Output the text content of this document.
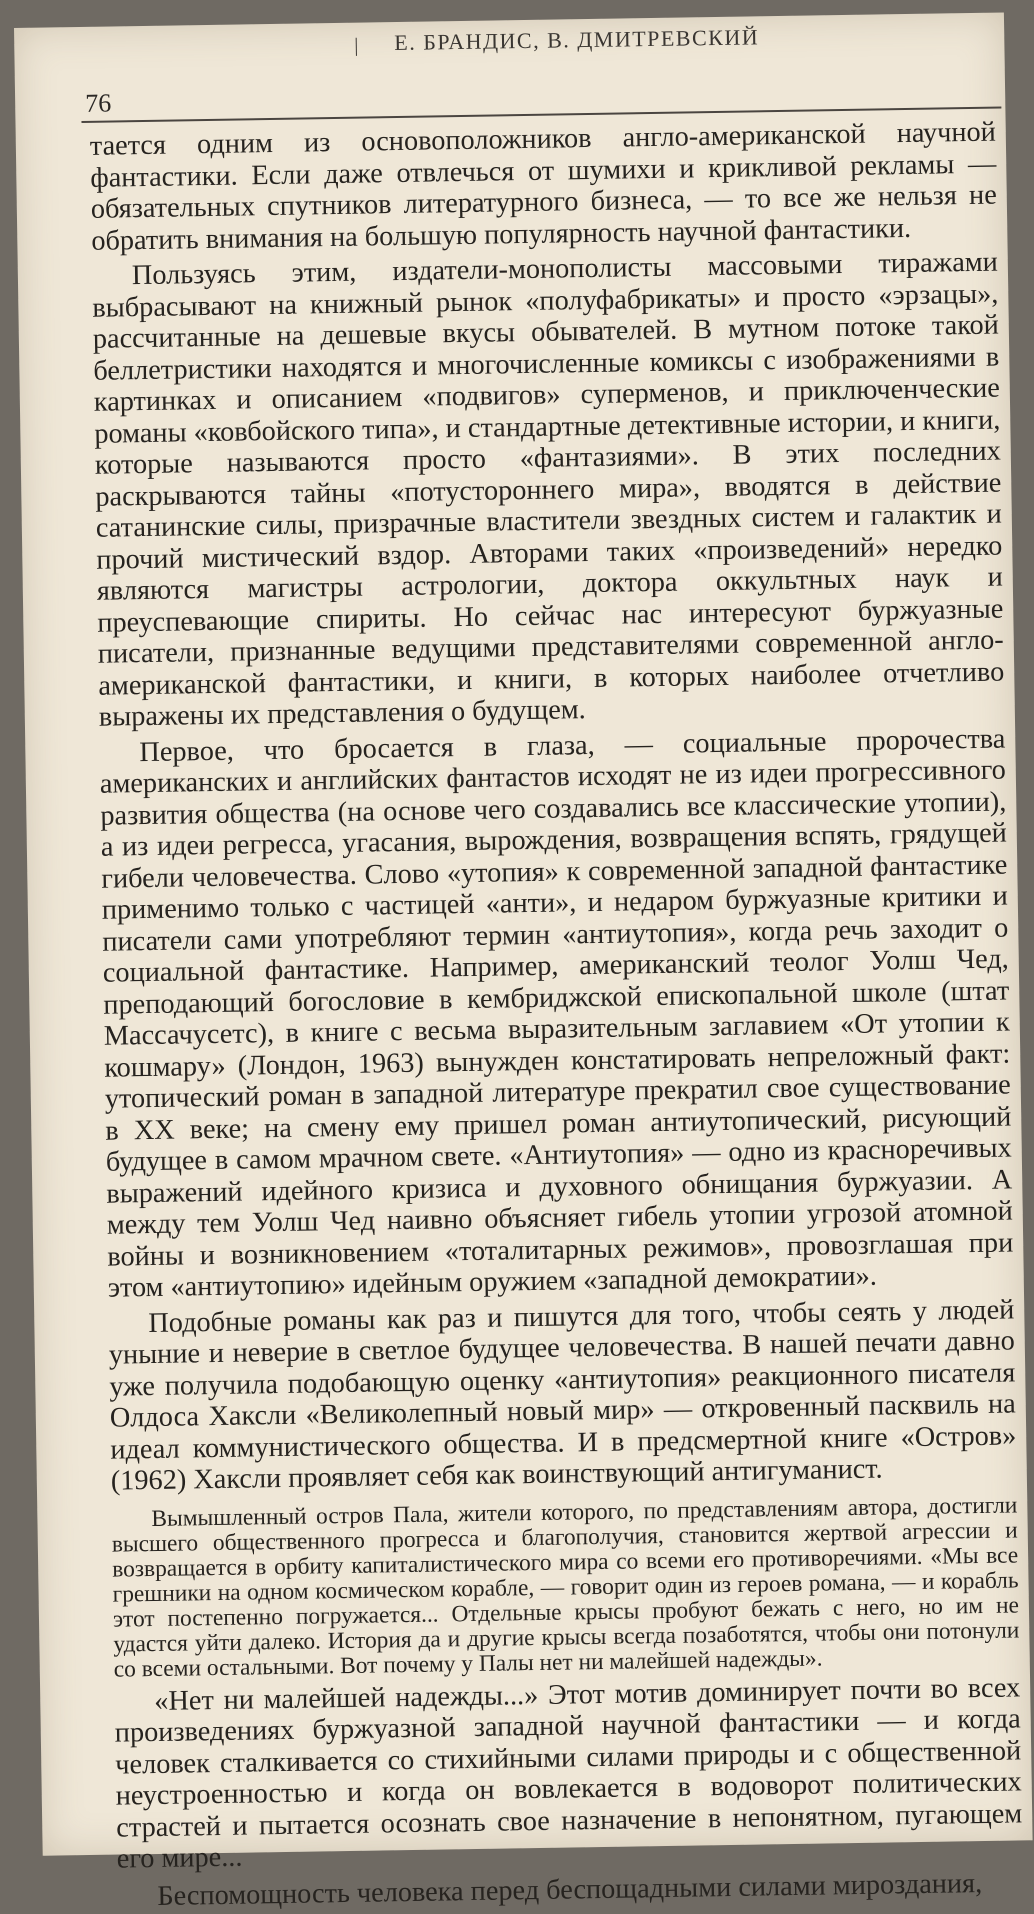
| Е. БРАНДИС, В. ДМИТРЕВСКИЙ
76

тается одним из основоположников англо-американской научной фантастики. Если даже отвлечься от шумихи и крикливой рекламы — обязательных спутников литературного бизнеса, — то все же нельзя не обратить внимания на большую популярность научной фантастики.

Пользуясь этим, издатели-монополисты массовыми тиражами выбрасывают на книжный рынок «полуфабрикаты» и просто «эрзацы», рассчитанные на дешевые вкусы обывателей. В мутном потоке такой беллетристики находятся и многочисленные комиксы с изображениями в картинках и описанием «подвигов» суперменов, и приключенческие романы «ковбойского типа», и стандартные детективные истории, и книги, которые называются просто «фантазиями». В этих последних раскрываются тайны «потустороннего мира», вводятся в действие сатанинские силы, призрачные властители звездных систем и галактик и прочий мистический вздор. Авторами таких «произведений» нередко являются магистры астрологии, доктора оккультных наук и преуспевающие спириты. Но сейчас нас интересуют буржуазные писатели, признанные ведущими представителями современной англо-американской фантастики, и книги, в которых наиболее отчетливо выражены их представления о будущем.

Первое, что бросается в глаза, — социальные пророчества американских и английских фантастов исходят не из идеи прогрессивного развития общества (на основе чего создавались все классические утопии), а из идеи регресса, угасания, вырождения, возвращения вспять, грядущей гибели человечества. Слово «утопия» к современной западной фантастике применимо только с частицей «анти», и недаром буржуазные критики и писатели сами употребляют термин «антиутопия», когда речь заходит о социальной фантастике. Например, американский теолог Уолш Чед, преподающий богословие в кембриджской епископальной школе (штат Массачусетс), в книге с весьма выразительным заглавием «От утопии к кошмару» (Лондон, 1963) вынужден констатировать непреложный факт: утопический роман в западной литературе прекратил свое существование в XX веке; на смену ему пришел роман антиутопический, рисующий будущее в самом мрачном свете. «Антиутопия» — одно из красноречивых выражений идейного кризиса и духовного обнищания буржуазии. А между тем Уолш Чед наивно объясняет гибель утопии угрозой атомной войны и возникновением «тоталитарных режимов», провозглашая при этом «антиутопию» идейным оружием «западной демократии».

Подобные романы как раз и пишутся для того, чтобы сеять у людей уныние и неверие в светлое будущее человечества. В нашей печати давно уже получила подобающую оценку «антиутопия» реакционного писателя Олдоса Хаксли «Великолепный новый мир» — откровенный пасквиль на идеал коммунистического общества. И в предсмертной книге «Остров» (1962) Хаксли проявляет себя как воинствующий антигуманист.

Вымышленный остров Пала, жители которого, по представлениям автора, достигли высшего общественного прогресса и благополучия, становится жертвой агрессии и возвращается в орбиту капиталистического мира со всеми его противоречиями. «Мы все грешники на одном космическом корабле, — говорит один из героев романа, — и корабль этот постепенно погружается... Отдельные крысы пробуют бежать с него, но им не удастся уйти далеко. История да и другие крысы всегда позаботятся, чтобы они потонули со всеми остальными. Вот почему у Палы нет ни малейшей надежды».

«Нет ни малейшей надежды...» Этот мотив доминирует почти во всех произведениях буржуазной западной научной фантастики — и когда человек сталкивается со стихийными силами природы и с общественной неустроенностью и когда он вовлекается в водоворот политических страстей и пытается осознать свое назначение в непонятном, пугающем его мире...

Беспомощность человека перед беспощадными силами мироздания,
